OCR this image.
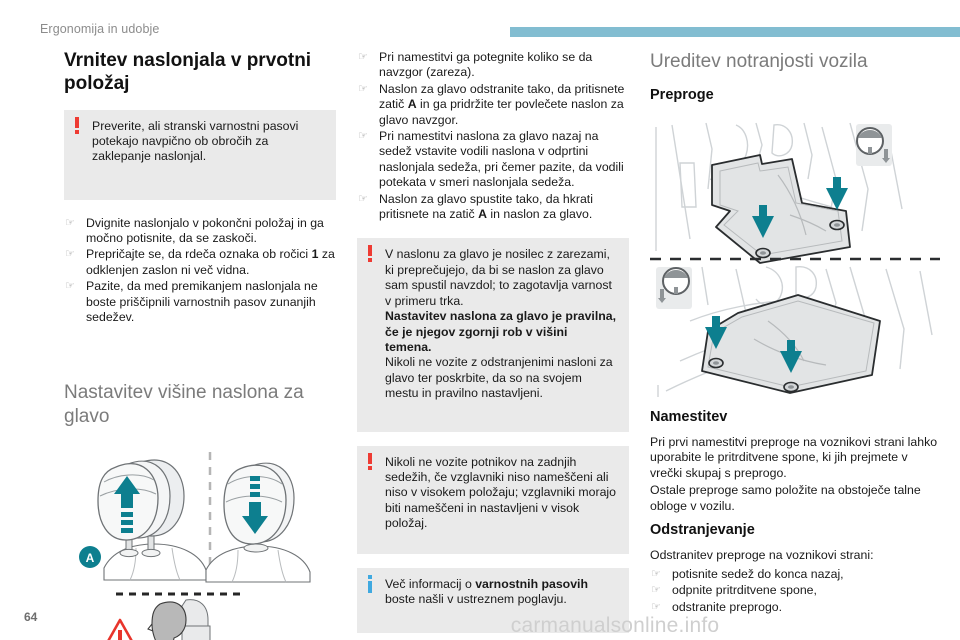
Ergonomija in udobje
Vrnitev naslonjala v prvotni položaj

Preverite, ali stranski varnostni pasovi

potekajo navpično ob obročih za

zaklepanje naslonjal.

☞ Dvignite naslonjalo v pokončni položaj in ga močno potisnite, da se zaskoči.
☞ Prepričajte se, da rdeča oznaka ob ročici 1 za odklenjen zaslon ni več vidna.
☞ Pazite, da med premikanjem naslonjala ne boste priščipnili varnostnih pasov zunanjih sedežev.
Nastavitev višine naslona za glavo
A
☞ Pri namestitvi ga potegnite koliko se da navzgor (zareza).
☞ Naslon za glavo odstranite tako, da pritisnete zatič A in ga pridržite ter povlečete naslon za glavo navzgor.
☞ Pri namestitvi naslona za glavo nazaj na sedež vstavite vodili naslona v odprtini naslonjala sedeža, pri čemer pazite, da vodili potekata v smeri naslonjala sedeža.
☞ Naslon za glavo spustite tako, da hkrati pritisnete na zatič A in naslon za glavo.

V naslonu za glavo je nosilec z zarezami, ki preprečujejo, da bi se naslon za glavo sam spustil navzdol; to zagotavlja varnost v primeru trka.

Nastavitev naslona za glavo je pravilna, če je njegov zgornji rob v višini temena.

Nikoli ne vozite z odstranjenimi nasloni za glavo ter poskrbite, da so na svojem mestu in pravilno nastavljeni.

Nikoli ne vozite potnikov na zadnjih sedežih, če vzglavniki niso nameščeni ali niso v visokem položaju; vzglavniki morajo biti nameščeni in nastavljeni v visok položaj.

Več informacij o varnostnih pasovih boste našli v ustreznem poglavju.

Ureditev notranjosti vozila
Preproge
Namestitev

Pri prvi namestitvi preproge na voznikovi strani lahko uporabite le pritrditvene spone, ki jih prejmete v vrečki skupaj s preprogo.

Ostale preproge samo položite na obstoječe talne obloge v vozilu.

Odstranjevanje

Odstranitev preproge na voznikovi strani:

☞ potisnite sedež do konca nazaj,
☞ odpnite pritrditvene spone,
☞ odstranite preprogo.
64	carmanualsonline.info
